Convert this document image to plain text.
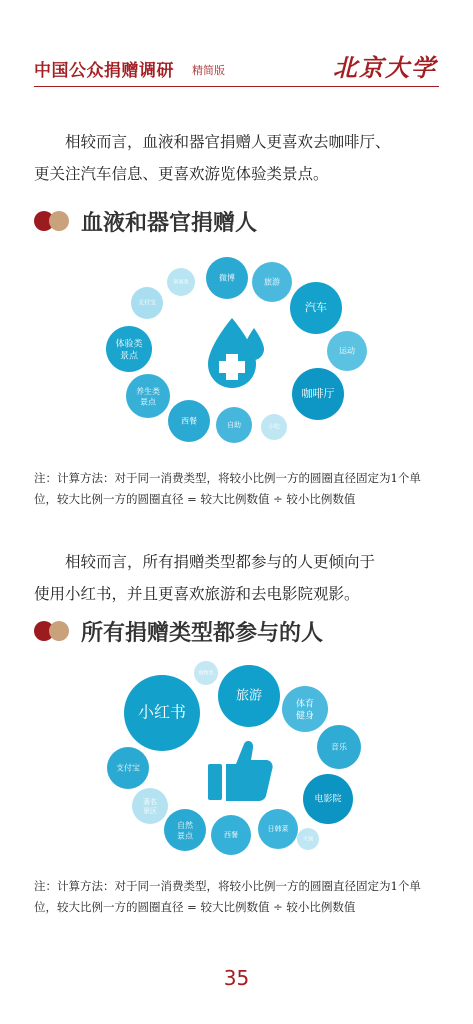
中国公众捐赠调研 精简版	北京大学
相较而言，血液和器官捐赠人更喜欢去咖啡厅、
更关注汽车信息、更喜欢游览体验类景点。
血液和器官捐赠人
微博	旅游
汽车
运动
咖啡厅
小吃
自助
西餐
养生类景点
体验类景点
支付宝
新闻类
注：计算方法：对于同一消费类型，将较小比例一方的圆圈直径固定为1个单位，较大比例一方的圆圈直径 = 较大比例数值 ÷ 较小比例数值
相较而言，所有捐赠类型都参与的人更倾向于
使用小红书，并且更喜欢旅游和去电影院观影。
所有捐赠类型都参与的人
小红书
购物类
旅游
体育健身
音乐
电影院
火锅
日韩菜
西餐
自然景点
著名景区
支付宝
注：计算方法：对于同一消费类型，将较小比例一方的圆圈直径固定为1个单位，较大比例一方的圆圈直径 = 较大比例数值 ÷ 较小比例数值
35
